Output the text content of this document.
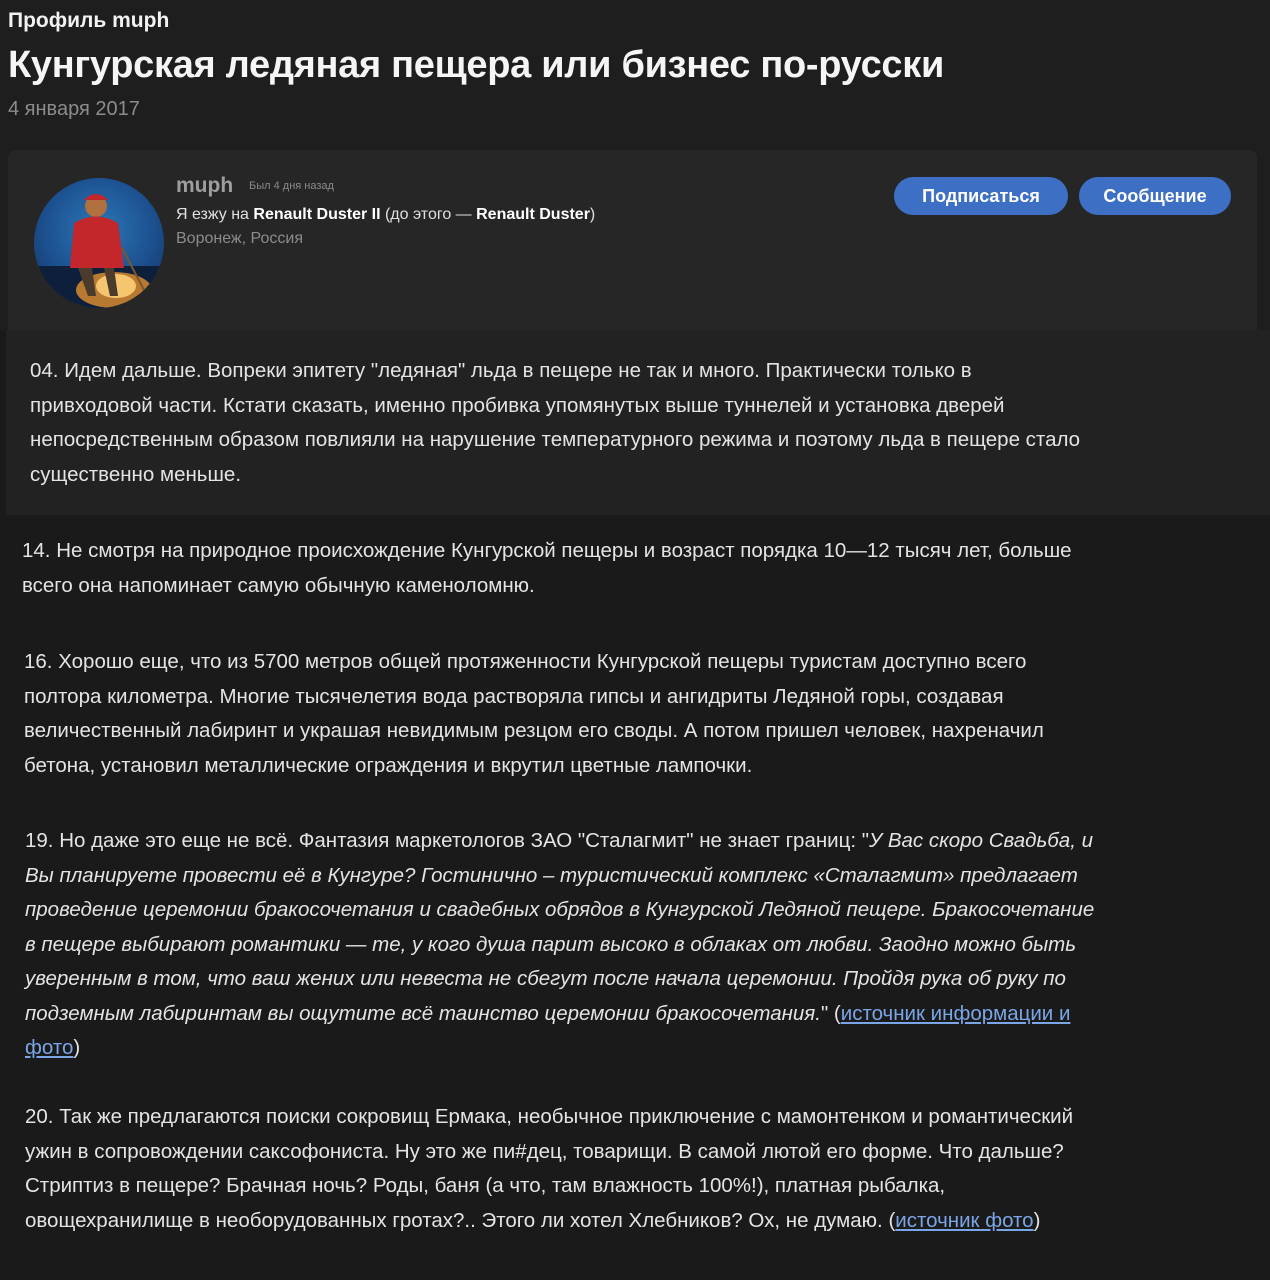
Профиль muph
Кунгурская ледяная пещера или бизнес по-русски
4 января 2017
muph Был 4 дня назад
Я езжу на Renault Duster II (до этого — Renault Duster)
Воронеж, Россия
Подписаться	Сообщение

04. Идем дальше. Вопреки эпитету "ледяная" льда в пещере не так и много. Практически только в привходовой части. Кстати сказать, именно пробивка упомянутых выше туннелей и установка дверей непосредственным образом повлияли на нарушение температурного режима и поэтому льда в пещере стало существенно меньше.

14. Не смотря на природное происхождение Кунгурской пещеры и возраст порядка 10—12 тысяч лет, больше всего она напоминает самую обычную каменоломню.

16. Хорошо еще, что из 5700 метров общей протяженности Кунгурской пещеры туристам доступно всего полтора километра. Многие тысячелетия вода растворяла гипсы и ангидриты Ледяной горы, создавая величественный лабиринт и украшая невидимым резцом его своды. А потом пришел человек, нахреначил бетона, установил металлические ограждения и вкрутил цветные лампочки.

19. Но даже это еще не всё. Фантазия маркетологов ЗАО "Сталагмит" не знает границ: "У Вас скоро Свадьба, и Вы планируете провести её в Кунгуре? Гостинично – туристический комплекс «Сталагмит» предлагает проведение церемонии бракосочетания и свадебных обрядов в Кунгурской Ледяной пещере. Бракосочетание в пещере выбирают романтики — те, у кого душа парит высоко в облаках от любви. Заодно можно быть уверенным в том, что ваш жених или невеста не сбегут после начала церемонии. Пройдя рука об руку по подземным лабиринтам вы ощутите всё таинство церемонии бракосочетания." (источник информации и фото)

20. Так же предлагаются поиски сокровищ Ермака, необычное приключение с мамонтенком и романтический ужин в сопровождении саксофониста. Ну это же пи#дец, товарищи. В самой лютой его форме. Что дальше? Стриптиз в пещере? Брачная ночь? Роды, баня (а что, там влажность 100%!), платная рыбалка, овощехранилище в необорудованных гротах?.. Этого ли хотел Хлебников? Ох, не думаю. (источник фото)
